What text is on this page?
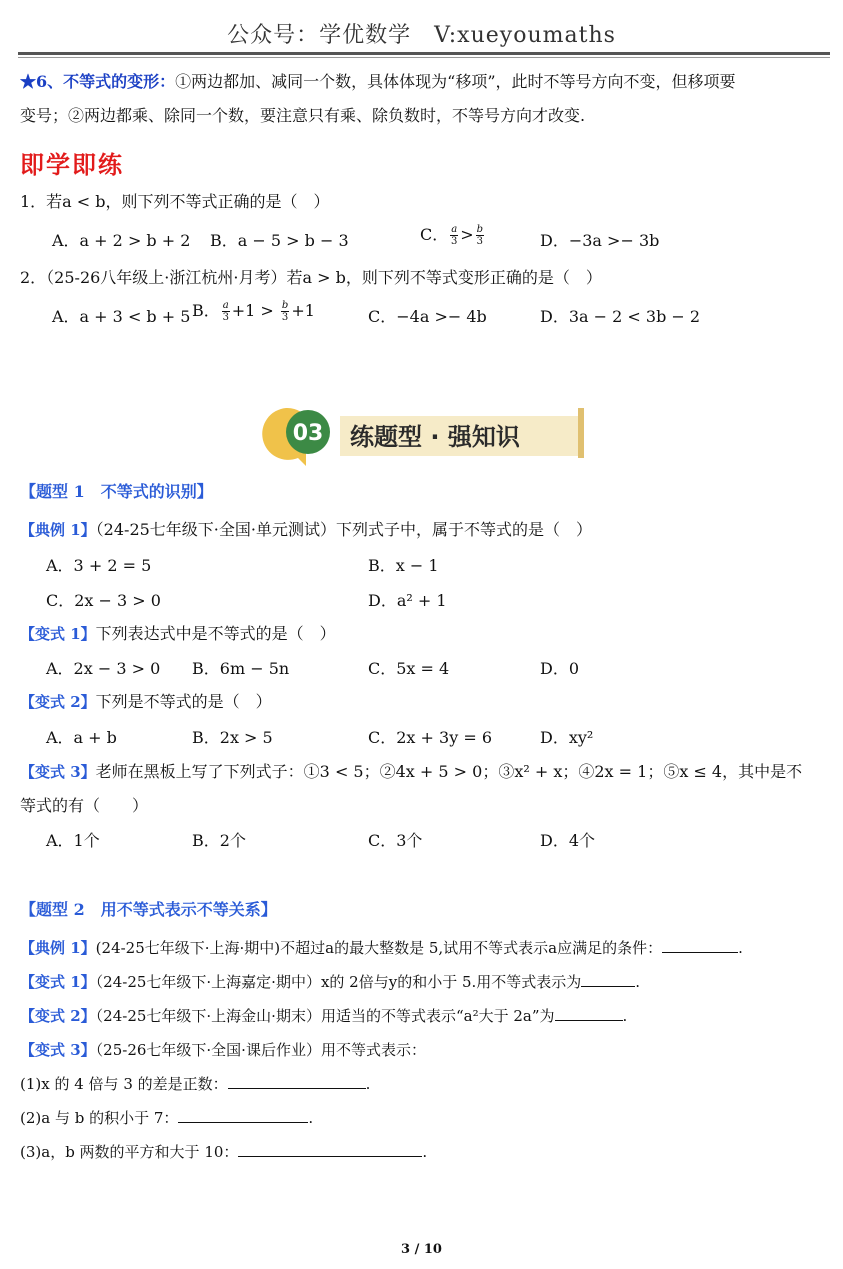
公众号：学优数学　V:xueyoumaths
★6、不等式的变形：①两边都加、减同一个数，具体体现为“移项”，此时不等号方向不变，但移项要
变号；②两边都乘、除同一个数，要注意只有乘、除负数时，不等号方向才改变.
即学即练
1．若a < b，则下列不等式正确的是（　）
A．a + 2 > b + 2 B．a − 5 > b − 3	C． $\frac{a}{3} > \frac{b}{3}$	D．−3a >− 3b
2．（25-26八年级上·浙江杭州·月考）若a > b，则下列不等式变形正确的是（　）
A．a + 3 < b + 5 B． $\frac{a}{3} +1 > \frac{b}{3} +1$	C．−4a >− 4b	D．3a − 2 < 3b − 2
03 练题型 · 强知识
【题型 1　不等式的识别】
【典例 1】（24-25七年级下·全国·单元测试）下列式子中，属于不等式的是（　）
A．3 + 2 = 5	B．x − 1
C．2x − 3 > 0	D．a² + 1
【变式 1】下列表达式中是不等式的是（　）
A．2x − 3 > 0 B．6m − 5n	C．5x = 4	D．0
【变式 2】下列是不等式的是（　）
A．a + b	B．2x > 5	C．2x + 3y = 6	D．xy²
【变式 3】老师在黑板上写了下列式子：①3 < 5；②4x + 5 > 0；③x² + x；④2x = 1；⑤x ≤ 4，其中是不
等式的有（　　）
A．1个	B．2个	C．3个	D．4个
【题型 2　用不等式表示不等关系】
【典例 1】(24-25七年级下·上海·期中)不超过a的最大整数是 5,试用不等式表示a应满足的条件：	.
【变式 1】（24-25七年级下·上海嘉定·期中）x的 2倍与y的和小于 5.用不等式表示为	.
【变式 2】（24-25七年级下·上海金山·期末）用适当的不等式表示“a²大于 2a”为	.
【变式 3】（25-26七年级下·全国·课后作业）用不等式表示：
(1)x 的 4 倍与 3 的差是正数：	.
(2)a 与 b 的积小于 7：	.
(3)a，b 两数的平方和大于 10：	.
3 / 10
